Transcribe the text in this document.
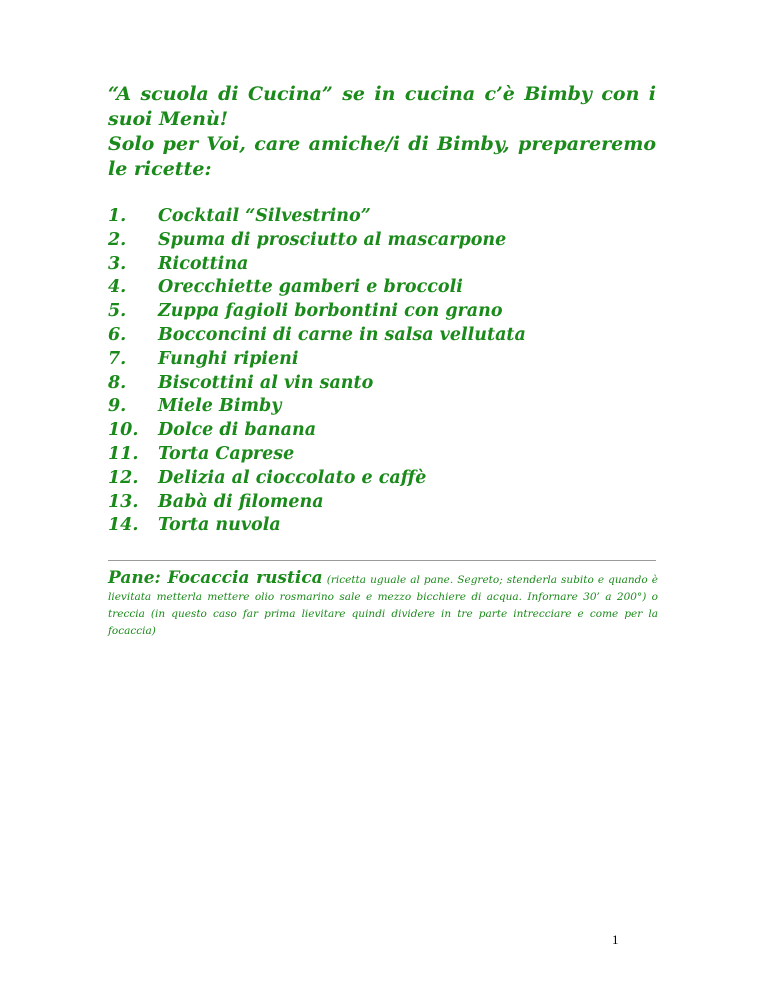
“A scuola di Cucina” se in cucina c’è Bimby con i suoi Menù!

Solo per Voi, care amiche/i di Bimby, prepareremo le ricette:

1.	Cocktail “Silvestrino”
2.	Spuma di prosciutto al mascarpone
3.	Ricottina
4.	Orecchiette gamberi e broccoli
5.	Zuppa fagioli borbontini con grano
6.	Bocconcini di carne in salsa vellutata
7.	Funghi ripieni
8.	Biscottini al vin santo
9.	Miele Bimby
10.	Dolce di banana
11.	Torta Caprese
12.	Delizia al cioccolato e caffè
13.	Babà di filomena
14.	Torta nuvola
Pane: Focaccia rustica (ricetta uguale al pane. Segreto; stenderla subito e quando è lievitata metterla mettere olio rosmarino sale e mezzo bicchiere di acqua. Infornare 30’ a 200°) o treccia (in questo caso far prima lievitare quindi dividere in tre parte intrecciare e come per la focaccia)
1
